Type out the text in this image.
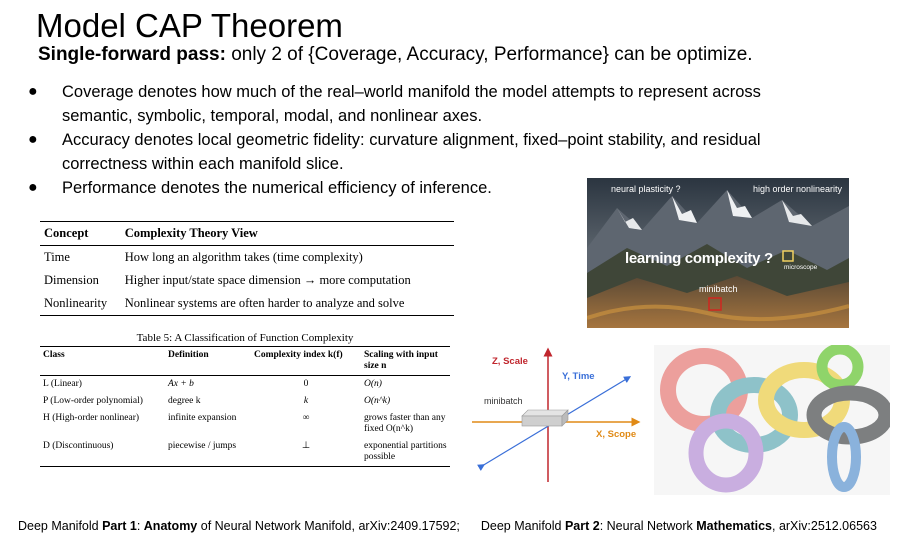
Model CAP Theorem
Single-forward pass: only 2 of {Coverage, Accuracy, Performance} can be optimize.
● Coverage denotes how much of the real–world manifold the model attempts to represent across semantic, symbolic, temporal, modal, and nonlinear axes.
● Accuracy denotes local geometric fidelity: curvature alignment, fixed–point stability, and residual correctness within each manifold slice.
● Performance denotes the numerical efficiency of inference.
Concept	Complexity Theory View
Time	How long an algorithm takes (time complexity)
Dimension	Higher input/state space dimension → more computation
Nonlinearity	Nonlinear systems are often harder to analyze and solve
Table 5: A Classification of Function Complexity
Class	Definition	Complexity index k(f)	Scaling with input size n
L (Linear)	Ax + b	0	O(n)
P (Low-order polynomial)	degree k	k	O(n^k)
H (High-order nonlinear)	infinite expansion	∞	grows faster than any fixed O(n^k)
D (Discontinuous)	piecewise / jumps	⊥	exponential partitions possible
neural plasticity ?	high order nonlinearity
learning complexity ?
microscope
minibatch
Z, Scale
Y, Time
X, Scope
minibatch
Deep Manifold Part 1: Anatomy of Neural Network Manifold, arXiv:2409.17592; Deep Manifold Part 2: Neural Network Mathematics, arXiv:2512.06563
